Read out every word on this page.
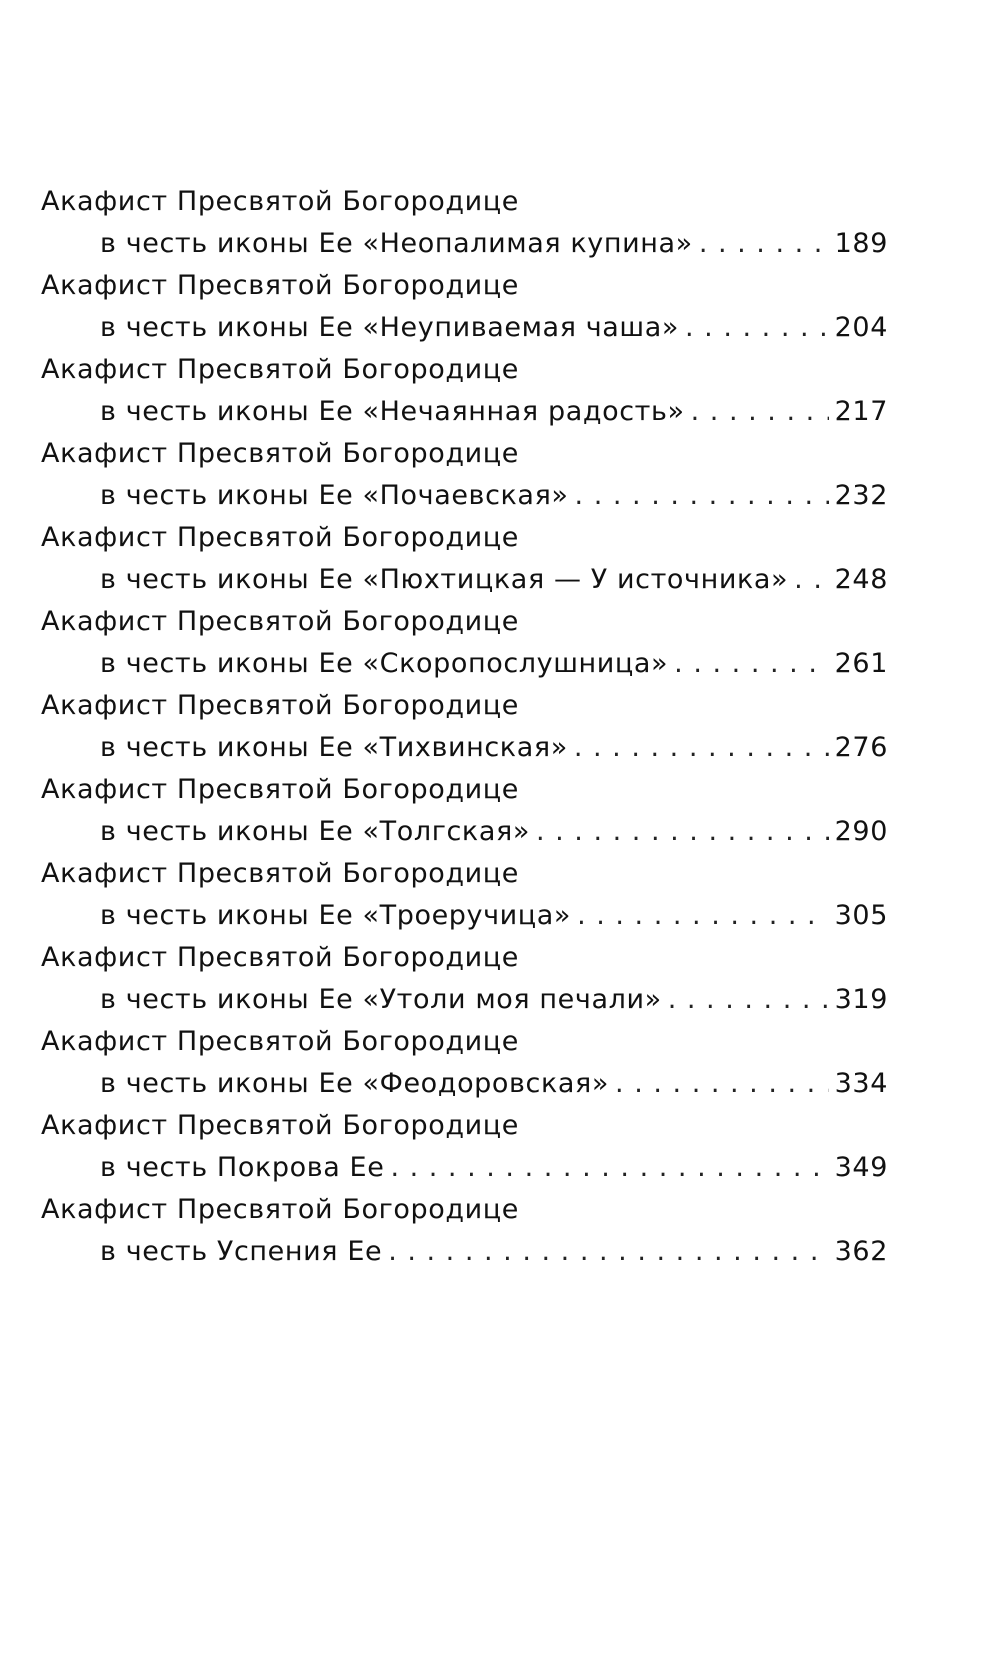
Акафист Пресвятой Богородице
в честь иконы Ее «Неопалимая купина» . . .	189
Акафист Пресвятой Богородице
в честь иконы Ее «Неупиваемая чаша» . . .	204
Акафист Пресвятой Богородице
в честь иконы Ее «Нечаянная радость» . . .	217
Акафист Пресвятой Богородице
в честь иконы Ее «Почаевская» . . .	232
Акафист Пресвятой Богородице
в честь иконы Ее «Пюхтицкая — У источника» . . . 248
Акафист Пресвятой Богородице
в честь иконы Ее «Скоропослушница» . . .	261
Акафист Пресвятой Богородице
в честь иконы Ее «Тихвинская» . . .	276
Акафист Пресвятой Богородице
в честь иконы Ее «Толгская» . . .	290
Акафист Пресвятой Богородице
в честь иконы Ее «Троеручица» . . .	305
Акафист Пресвятой Богородице
в честь иконы Ее «Утоли моя печали» . . .	319
Акафист Пресвятой Богородице
в честь иконы Ее «Феодоровская» . . .	334
Акафист Пресвятой Богородице
в честь Покрова Ее . . .	349
Акафист Пресвятой Богородице
в честь Успения Ее . . .	362
